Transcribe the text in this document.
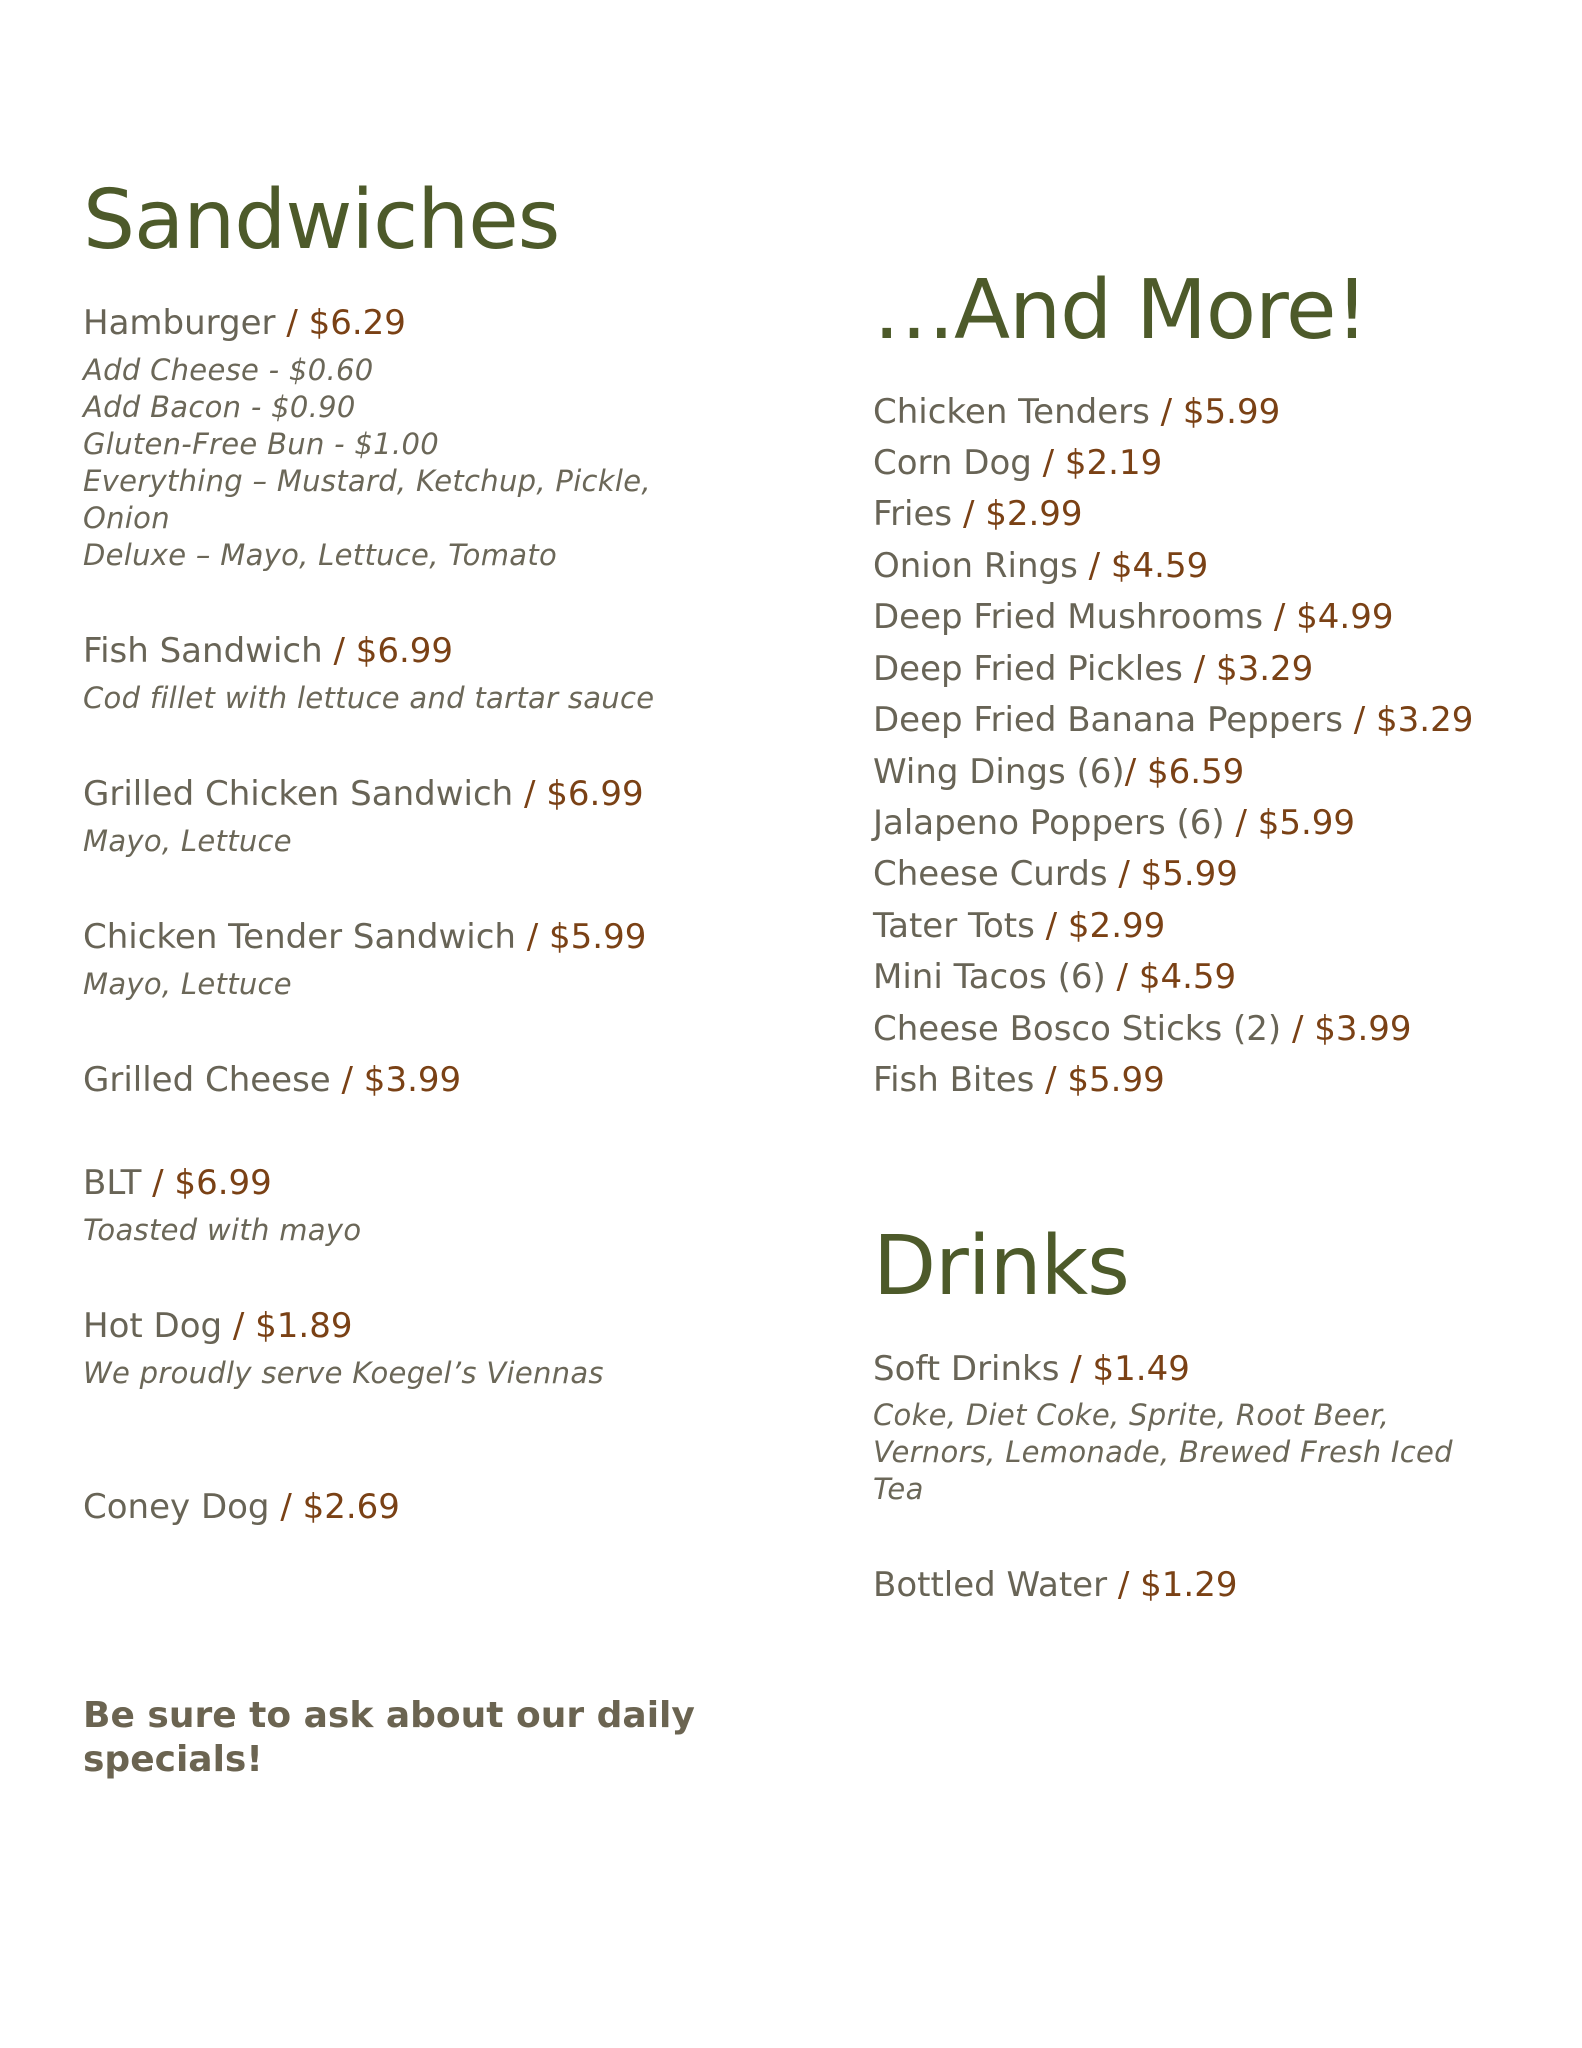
Sandwiches

Hamburger / $6.29

Add Cheese - $0.60
Add Bacon - $0.90
Gluten-Free Bun - $1.00
Everything – Mustard, Ketchup, Pickle,
Onion
Deluxe – Mayo, Lettuce, Tomato

Fish Sandwich / $6.99

Cod fillet with lettuce and tartar sauce

Grilled Chicken Sandwich / $6.99

Mayo, Lettuce

Chicken Tender Sandwich / $5.99

Mayo, Lettuce

Grilled Cheese / $3.99

BLT / $6.99

Toasted with mayo

Hot Dog / $1.89

We proudly serve Koegel’s Viennas

Coney Dog / $2.69

Be sure to ask about our daily
specials!
…And More!

Chicken Tenders / $5.99

Corn Dog / $2.19

Fries / $2.99

Onion Rings / $4.59

Deep Fried Mushrooms / $4.99

Deep Fried Pickles / $3.29

Deep Fried Banana Peppers / $3.29

Wing Dings (6)/ $6.59

Jalapeno Poppers (6) / $5.99

Cheese Curds / $5.99

Tater Tots / $2.99

Mini Tacos (6) / $4.59

Cheese Bosco Sticks (2) / $3.99

Fish Bites / $5.99

Drinks

Soft Drinks / $1.49

Coke, Diet Coke, Sprite, Root Beer,
Vernors, Lemonade, Brewed Fresh Iced
Tea

Bottled Water / $1.29
